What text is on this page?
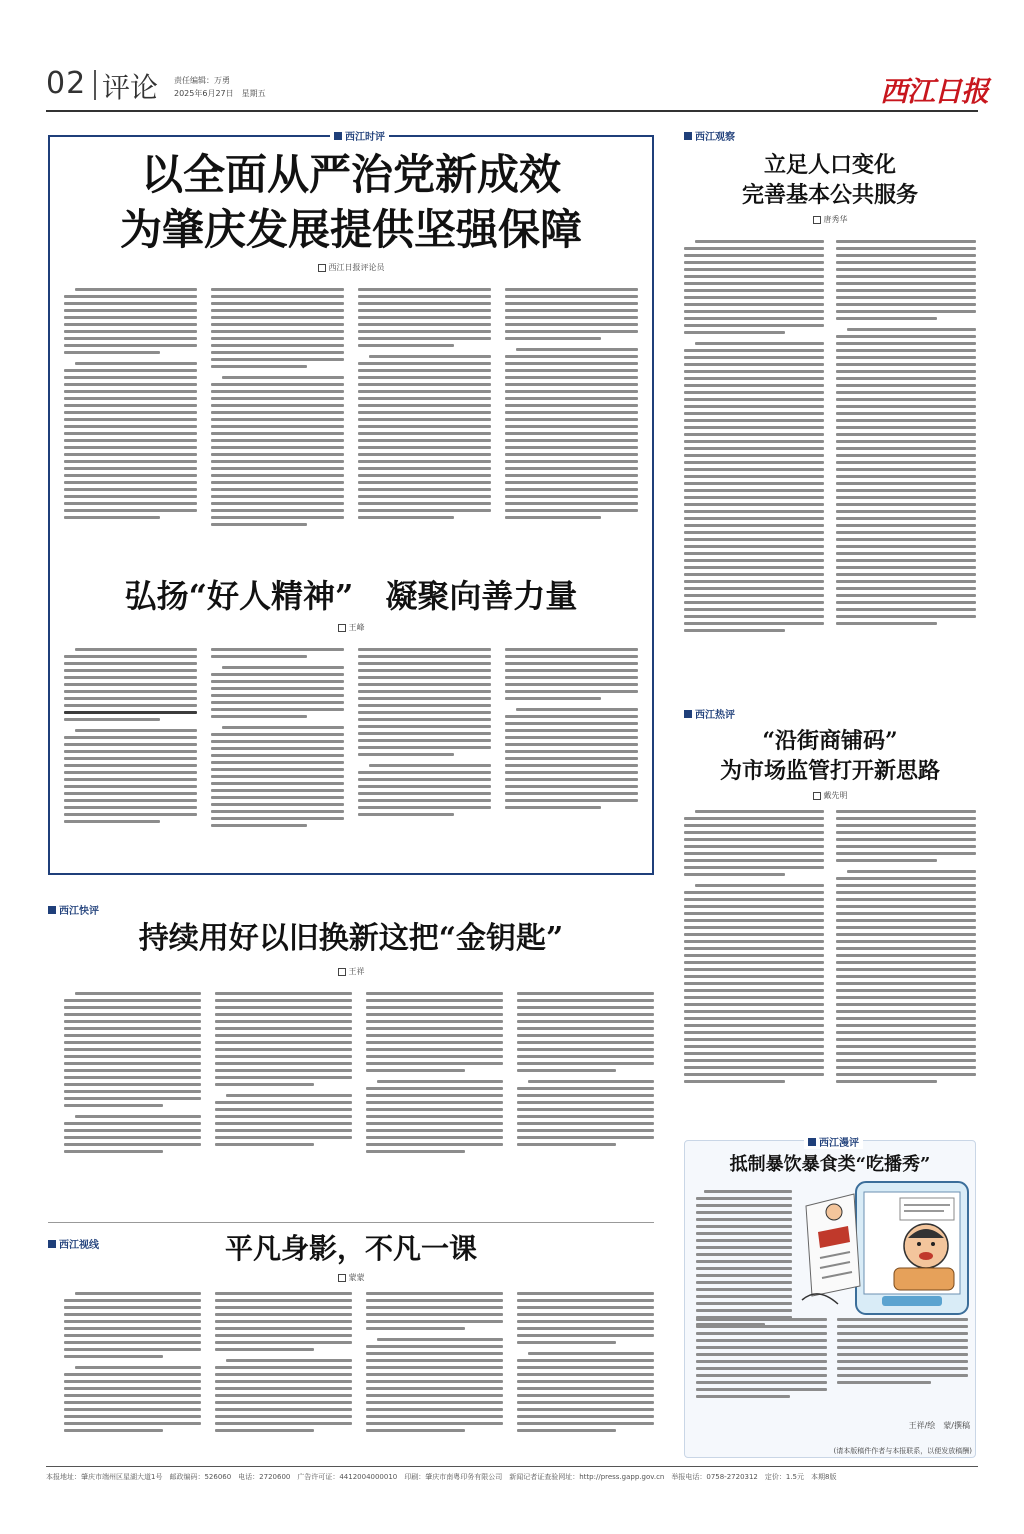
02 评论 责任编辑：万勇
2025年6月27日　星期五	西江日报
西江时评
以全面从严治党新成效
为肇庆发展提供坚强保障
西江日报评论员
弘扬“好人精神”　凝聚向善力量
王峰
西江观察
立足人口变化
完善基本公共服务
唐秀华
西江热评
“沿街商铺码”
为市场监管打开新思路
戴先明
西江快评
持续用好以旧换新这把“金钥匙”
王祥
西江视线	平凡身影，不凡一课
蒙蒙
西江漫评
抵制暴饮暴食类“吃播秀”
王祥/绘　蒙/撰稿
(请本版稿件作者与本报联系，以便发放稿酬)
本报地址：肇庆市端州区星湖大道1号　邮政编码：526060　电话：2720600　广告许可证：4412004000010　印刷：肇庆市南粤印务有限公司　新闻记者证查验网址：http://press.gapp.gov.cn　举报电话：0758-2720312　定价：1.5元　本期8版
